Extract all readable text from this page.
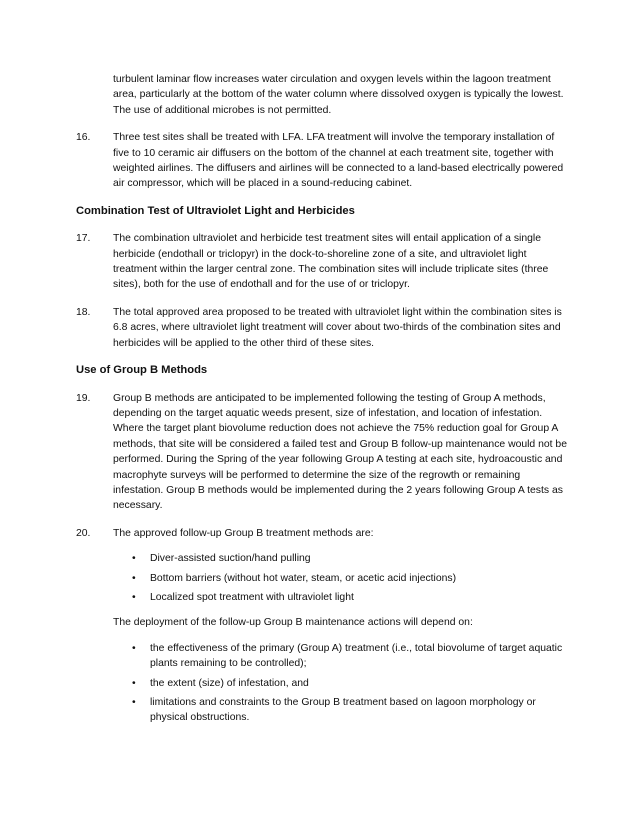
turbulent laminar flow increases water circulation and oxygen levels within the lagoon treatment area, particularly at the bottom of the water column where dissolved oxygen is typically the lowest. The use of additional microbes is not permitted.
16.	Three test sites shall be treated with LFA. LFA treatment will involve the temporary installation of five to 10 ceramic air diffusers on the bottom of the channel at each treatment site, together with weighted airlines. The diffusers and airlines will be connected to a land-based electrically powered air compressor, which will be placed in a sound-reducing cabinet.
Combination Test of Ultraviolet Light and Herbicides
17.	The combination ultraviolet and herbicide test treatment sites will entail application of a single herbicide (endothall or triclopyr) in the dock-to-shoreline zone of a site, and ultraviolet light treatment within the larger central zone. The combination sites will include triplicate sites (three sites), both for the use of endothall and for the use of or triclopyr.
18.	The total approved area proposed to be treated with ultraviolet light within the combination sites is 6.8 acres, where ultraviolet light treatment will cover about two-thirds of the combination sites and herbicides will be applied to the other third of these sites.
Use of Group B Methods
19.	Group B methods are anticipated to be implemented following the testing of Group A methods, depending on the target aquatic weeds present, size of infestation, and location of infestation. Where the target plant biovolume reduction does not achieve the 75% reduction goal for Group A methods, that site will be considered a failed test and Group B follow-up maintenance would not be performed. During the Spring of the year following Group A testing at each site, hydroacoustic and macrophyte surveys will be performed to determine the size of the regrowth or remaining infestation. Group B methods would be implemented during the 2 years following Group A tests as necessary.
20.	The approved follow-up Group B treatment methods are:
• Diver-assisted suction/hand pulling
• Bottom barriers (without hot water, steam, or acetic acid injections)
• Localized spot treatment with ultraviolet light
The deployment of the follow-up Group B maintenance actions will depend on:
• the effectiveness of the primary (Group A) treatment (i.e., total biovolume of target aquatic plants remaining to be controlled);
• the extent (size) of infestation, and
• limitations and constraints to the Group B treatment based on lagoon morphology or physical obstructions.
